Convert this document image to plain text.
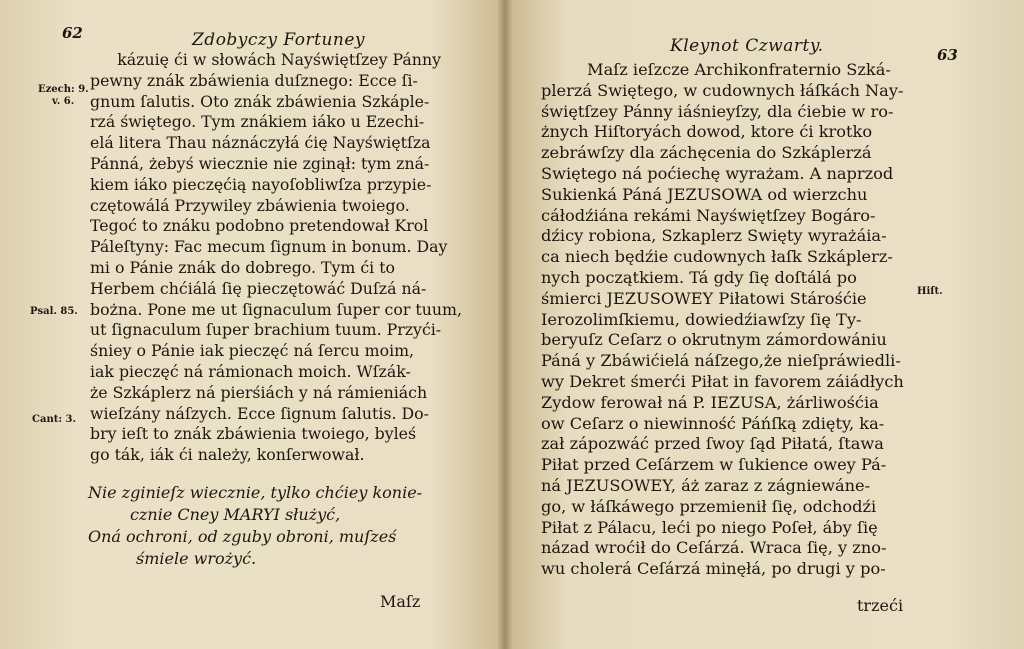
62	Zdobyczy Fortuney
Ezech: 9.
v. 6.
Psal. 85.
Cant: 3.
kázuię ći w słowách Nayświętſzey Pánny
pewny znák zbáwienia duſznego: Ecce ſi-
gnum ſalutis. Oto znák zbáwienia Szkáple-
rzá świętego. Tym znákiem iáko u Ezechi-
elá litera Thau náznáczyłá ćię Nayświętſza
Pánná, żebyś wiecznie nie zginął: tym zná-
kiem iáko pieczęćią nayoſobliwſza przypie-
czętowálá Przywiley zbáwienia twoiego.
Tegoć to znáku podobno pretendował Krol
Páleſtyny: Fac mecum ſignum in bonum. Day
mi o Pánie znák do dobrego. Tym ći to
Herbem chćiálá ſię pieczętowáć Duſzá ná-
bożna. Pone me ut ſignaculum ſuper cor tuum,
ut ſignaculum ſuper brachium tuum. Przyći-
śniey o Pánie iak pieczęć ná ſercu moim,
iak pieczęć ná rámionach moich. Wſzák-
że Szkáplerz ná pierśiách y ná rámieniách
wieſzány náſzych. Ecce ſignum ſalutis. Do-
bry ieſt to znák zbáwienia twoiego, byleś
go ták, iák ći należy, konſerwował.
Nie zginieſz wiecznie, tylko chćiey konie-
cznie Cney MARYI służyć,
Oná ochroni, od zguby obroni, muſześ
śmiele wrożyć.
Maſz
Kleynot Czwarty.	63
Hiſt.
Maſz ieſzcze Archikonfraternio Szká-
plerzá Swiętego, w cudownych łáſkách Nay-
świętſzey Pánny iáśnieyſzy, dla ćiebie w ro-
żnych Hiſtoryách dowod, ktore ći krotko
zebráwſzy dla záchęcenia do Szkáplerzá
Swiętego ná poćiechę wyrażam. A naprzod
Sukienká Páná JEZUSOWA od wierzchu
cáłodźiána rekámi Nayświętſzey Bogáro-
dźicy robiona, Szkaplerz Swięty wyrażáia-
ca niech będźie cudownych łaſk Szkáplerz-
nych początkiem. Tá gdy ſię doſtálá po
śmierci JEZUSOWEY Piłatowi Stárośćie
Ierozolimſkiemu, dowiedźiawſzy ſię Ty-
beryuſz Ceſarz o okrutnym zámordowániu
Páná y Zbáwićielá náſzego,że nieſpráwiedli-
wy Dekret śmerći Piłat in favorem záiádłych
Zydow ferował ná P. IEZUSA, żárliwośćia
ow Ceſarz o niewinność Páńſką zdięty, ka-
zał zápozwáć przed ſwoy ſąd Piłatá, ſtawa
Piłat przed Ceſárzem w ſukience owey Pá-
ná JEZUSOWEY, áż zaraz z zágniewáne-
go, w łáſkáwego przemienił ſię, odchodźi
Piłat z Pálacu, leći po niego Poſeł, áby ſię
názad wroćił do Ceſárzá. Wraca ſię, y zno-
wu cholerá Ceſárzá minęłá, po drugi y po-
trzeći
